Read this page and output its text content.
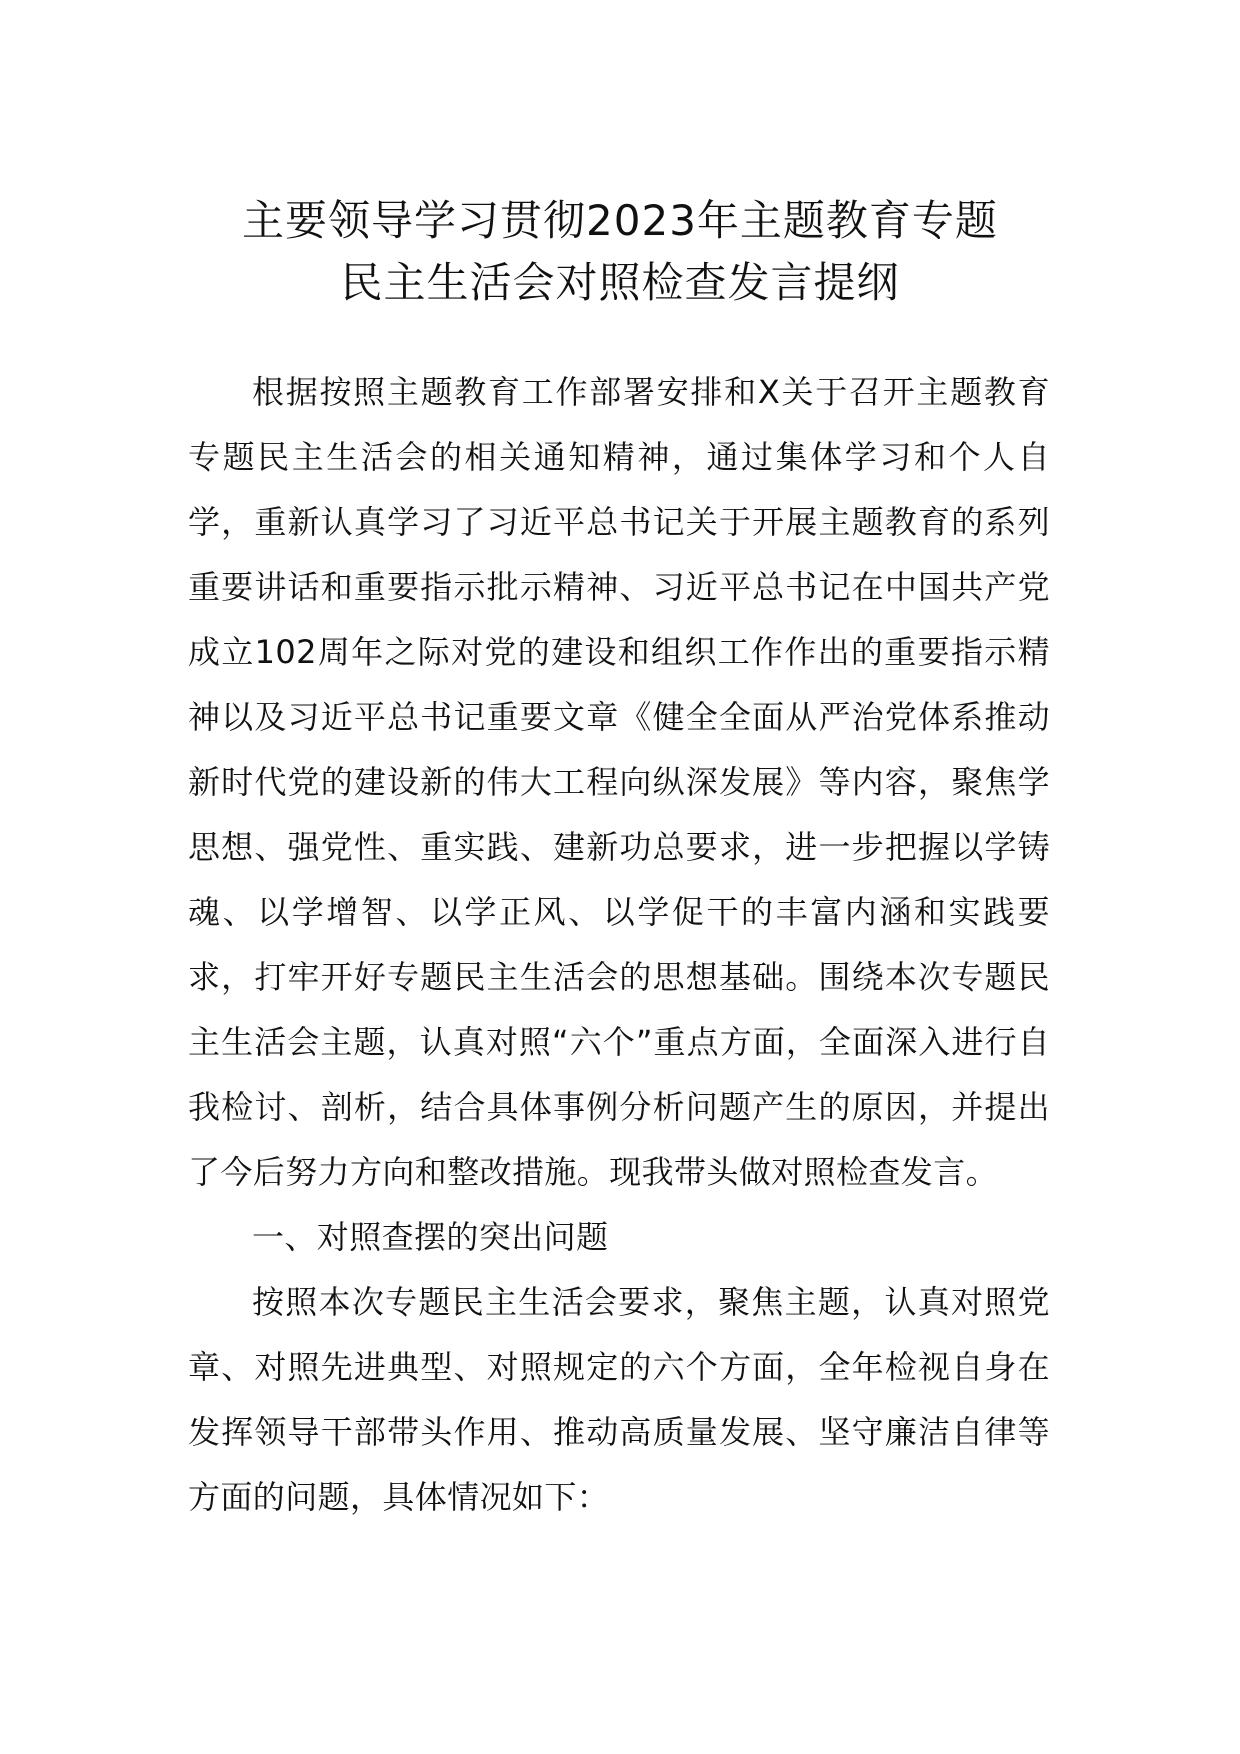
主要领导学习贯彻2023年主题教育专题
民主生活会对照检查发言提纲

根据按照主题教育工作部署安排和X关于召开主题教育专题民主生活会的相关通知精神，通过集体学习和个人自学，重新认真学习了习近平总书记关于开展主题教育的系列重要讲话和重要指示批示精神、习近平总书记在中国共产党成立102周年之际对党的建设和组织工作作出的重要指示精神以及习近平总书记重要文章《健全全面从严治党体系推动新时代党的建设新的伟大工程向纵深发展》等内容，聚焦学思想、强党性、重实践、建新功总要求，进一步把握以学铸魂、以学增智、以学正风、以学促干的丰富内涵和实践要求，打牢开好专题民主生活会的思想基础。围绕本次专题民主生活会主题，认真对照“六个”重点方面，全面深入进行自我检讨、剖析，结合具体事例分析问题产生的原因，并提出了今后努力方向和整改措施。现我带头做对照检查发言。

一、对照查摆的突出问题

按照本次专题民主生活会要求，聚焦主题，认真对照党章、对照先进典型、对照规定的六个方面，全年检视自身在发挥领导干部带头作用、推动高质量发展、坚守廉洁自律等方面的问题，具体情况如下：
